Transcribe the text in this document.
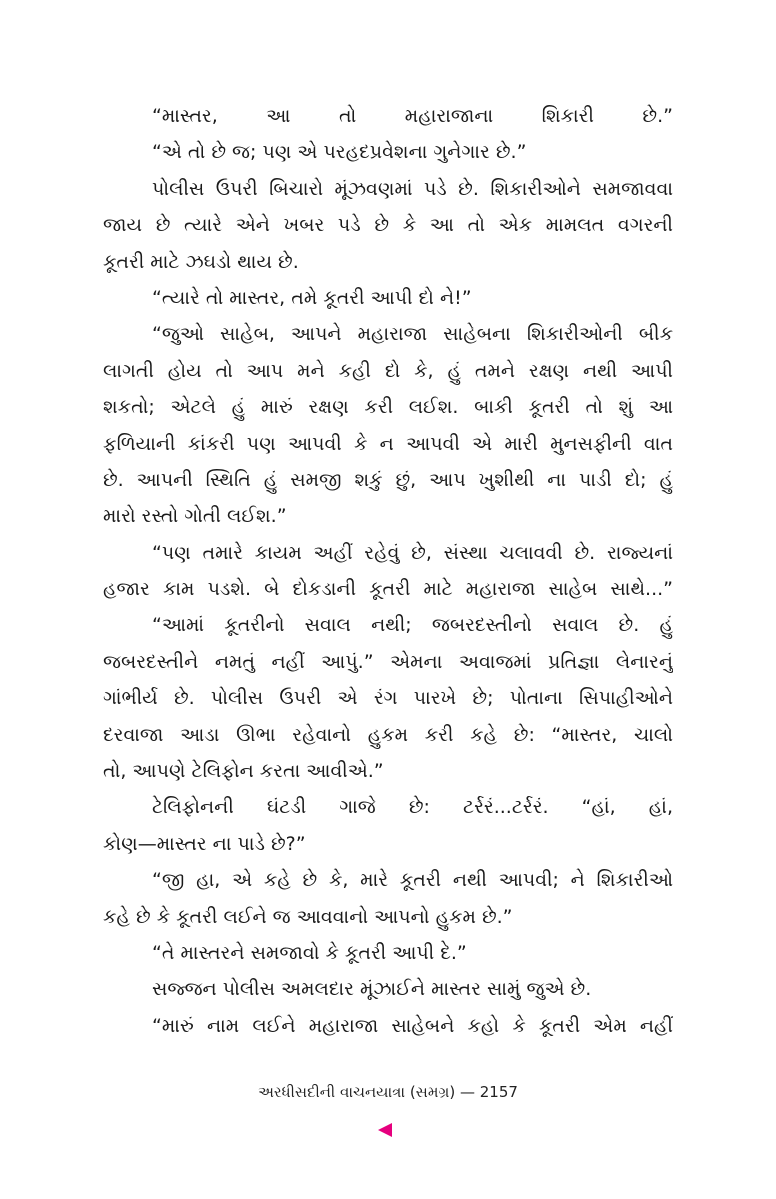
“માસ્તર, આ તો મહારાજાના શિકારી છે.”
“એ તો છે જ; પણ એ પરહદપ્રવેશના ગુનેગાર છે.”
પોલીસ ઉપરી બિચારો મૂંઝવણમાં પડે છે. શિકારીઓને સમજાવવા
જાય છે ત્યારે એને ખબર પડે છે કે આ તો એક મામલત વગરની
કૂતરી માટે ઝઘડો થાય છે.
“ત્યારે તો માસ્તર, તમે કૂતરી આપી દો ને!”
“જુઓ સાહેબ, આપને મહારાજા સાહેબના શિકારીઓની બીક
લાગતી હોય તો આપ મને કહી દો કે, હું તમને રક્ષણ નથી આપી
શકતો; એટલે હું મારું રક્ષણ કરી લઈશ. બાકી કૂતરી તો શું આ
ફળિયાની કાંકરી પણ આપવી કે ન આપવી એ મારી મુનસફીની વાત
છે. આપની સ્થિતિ હું સમજી શકું છું, આપ ખુશીથી ના પાડી દો; હું
મારો રસ્તો ગોતી લઈશ.”
“પણ તમારે કાયમ અહીં રહેવું છે, સંસ્થા ચલાવવી છે. રાજ્યનાં
હજાર કામ પડશે. બે દોકડાની કૂતરી માટે મહારાજા સાહેબ સાથે...”
“આમાં કૂતરીનો સવાલ નથી; જબરદસ્તીનો સવાલ છે. હું
જબરદસ્તીને નમતું નહીં આપું.” એમના અવાજમાં પ્રતિજ્ઞા લેનારનું
ગાંભીર્ય છે. પોલીસ ઉપરી એ રંગ પારખે છે; પોતાના સિપાહીઓને
દરવાજા આડા ઊભા રહેવાનો હુકમ કરી કહે છે: “માસ્તર, ચાલો
તો, આપણે ટેલિફોન કરતા આવીએ.”
ટેલિફોનની ઘંટડી ગાજે છે: ટર્રરં...ટર્રરં. “હાં, હાં,
કોણ—માસ્તર ના પાડે છે?”
“જી હા, એ કહે છે કે, મારે કૂતરી નથી આપવી; ને શિકારીઓ
કહે છે કે કૂતરી લઈને જ આવવાનો આપનો હુકમ છે.”
“તે માસ્તરને સમજાવો કે કૂતરી આપી દે.”
સજ્જન પોલીસ અમલદાર મૂંઝાઈને માસ્તર સામું જુએ છે.
“મારું નામ લઈને મહારાજા સાહેબને કહો કે કૂતરી એમ નહીં
અરધીસદીની વાચનયાત્રા (સમગ્ર) — 2157
